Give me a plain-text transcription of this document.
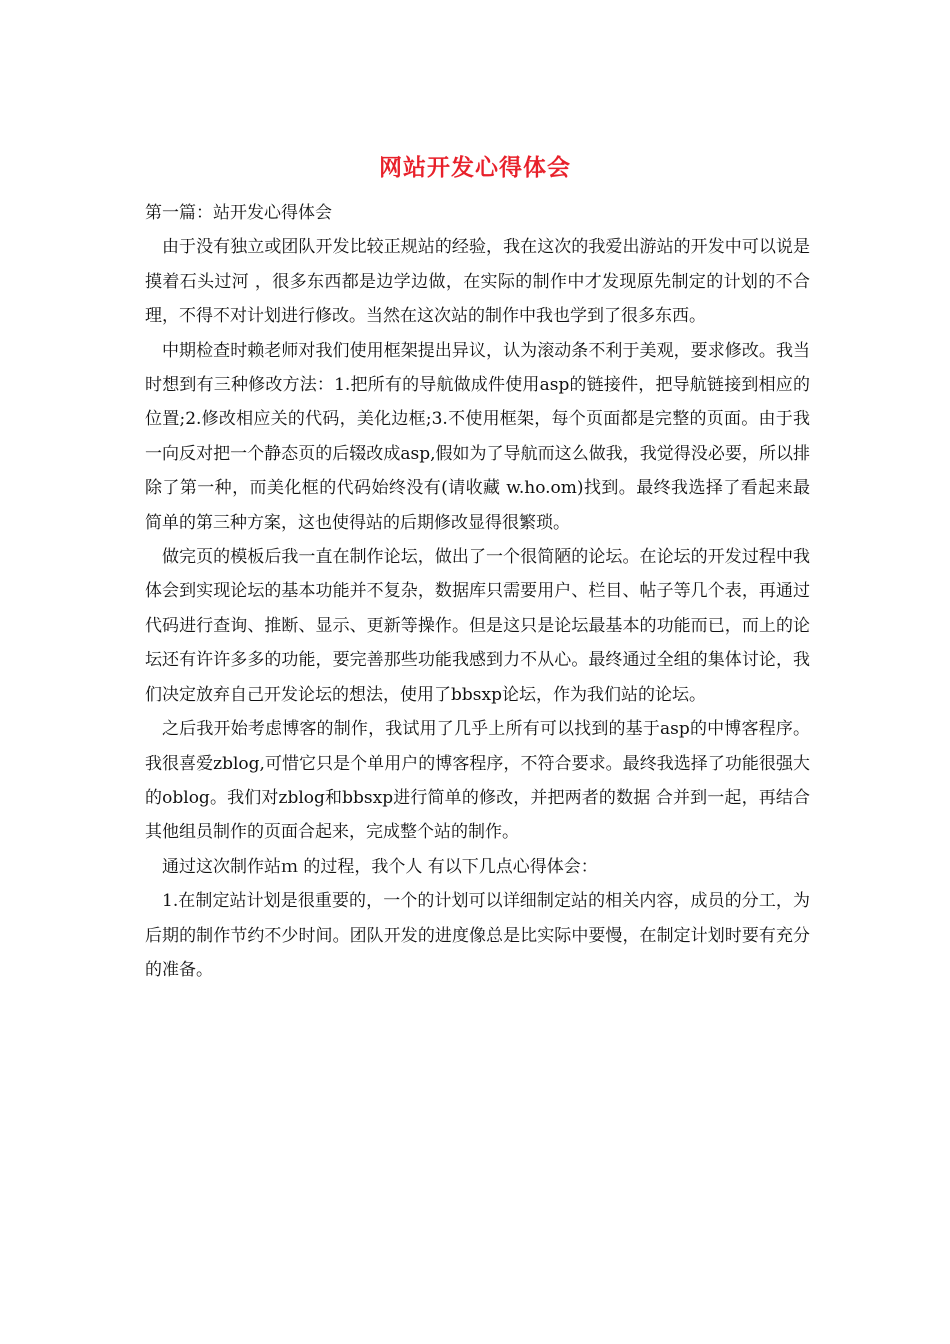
网站开发心得体会

第一篇：站开发心得体会

由于没有独立或团队开发比较正规站的经验，我在这次的我爱出游站的开发中可以说是 摸着石头过河 ，很多东西都是边学边做，在实际的制作中才发现原先制定的计划的不合理，不得不对计划进行修改。当然在这次站的制作中我也学到了很多东西。

中期检查时赖老师对我们使用框架提出异议，认为滚动条不利于美观，要求修改。我当时想到有三种修改方法：1.把所有的导航做成件使用asp的链接件，把导航链接到相应的位置;2.修改相应关的代码，美化边框;3.不使用框架，每个页面都是完整的页面。由于我一向反对把一个静态页的后辍改成asp,假如为了导航而这么做我，我觉得没必要，所以排除了第一种，而美化框的代码始终没有(请收藏 w.ho.om)找到。最终我选择了看起来最简单的第三种方案，这也使得站的后期修改显得很繁琐。

做完页的模板后我一直在制作论坛，做出了一个很简陋的论坛。在论坛的开发过程中我体会到实现论坛的基本功能并不复杂，数据库只需要用户、栏目、帖子等几个表，再通过代码进行查询、推断、显示、更新等操作。但是这只是论坛最基本的功能而已，而上的论坛还有许许多多的功能，要完善那些功能我感到力不从心。最终通过全组的集体讨论，我们决定放弃自己开发论坛的想法，使用了bbsxp论坛，作为我们站的论坛。

之后我开始考虑博客的制作，我试用了几乎上所有可以找到的基于asp的中博客程序。我很喜爱zblog,可惜它只是个单用户的博客程序，不符合要求。最终我选择了功能很强大的oblog。我们对zblog和bbsxp进行简单的修改，并把两者的数据 合并到一起，再结合其他组员制作的页面合起来，完成整个站的制作。

通过这次制作站ｍ 的过程，我个人 有以下几点心得体会：

1.在制定站计划是很重要的，一个的计划可以详细制定站的相关内容，成员的分工，为后期的制作节约不少时间。团队开发的进度像总是比实际中要慢，在制定计划时要有充分的准备。
